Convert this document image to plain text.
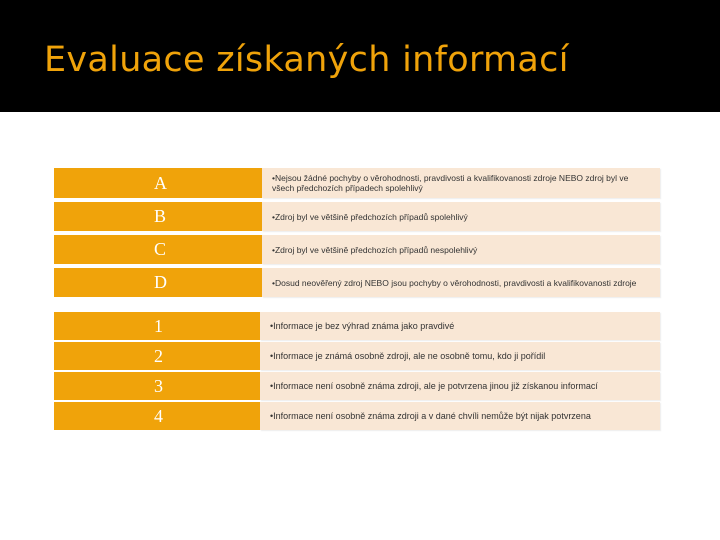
Evaluace získaných informací
A	•Nejsou žádné pochyby o věrohodnosti, pravdivosti a kvalifikovanosti zdroje NEBO zdroj byl ve všech předchozích případech spolehlivý
B	•Zdroj byl ve většině předchozích případů spolehlivý
C	•Zdroj byl ve většině předchozích případů nespolehlivý
D	•Dosud neověřený zdroj NEBO jsou pochyby o věrohodnosti, pravdivosti a kvalifikovanosti zdroje
1	•Informace je bez výhrad známa jako pravdivé
2	•Informace je známá osobně zdroji, ale ne osobně tomu, kdo ji pořídil
3	•Informace není osobně známa zdroji, ale je potvrzena jinou již získanou informací
4	•Informace není osobně známa zdroji a v dané chvíli nemůže být nijak potvrzena
